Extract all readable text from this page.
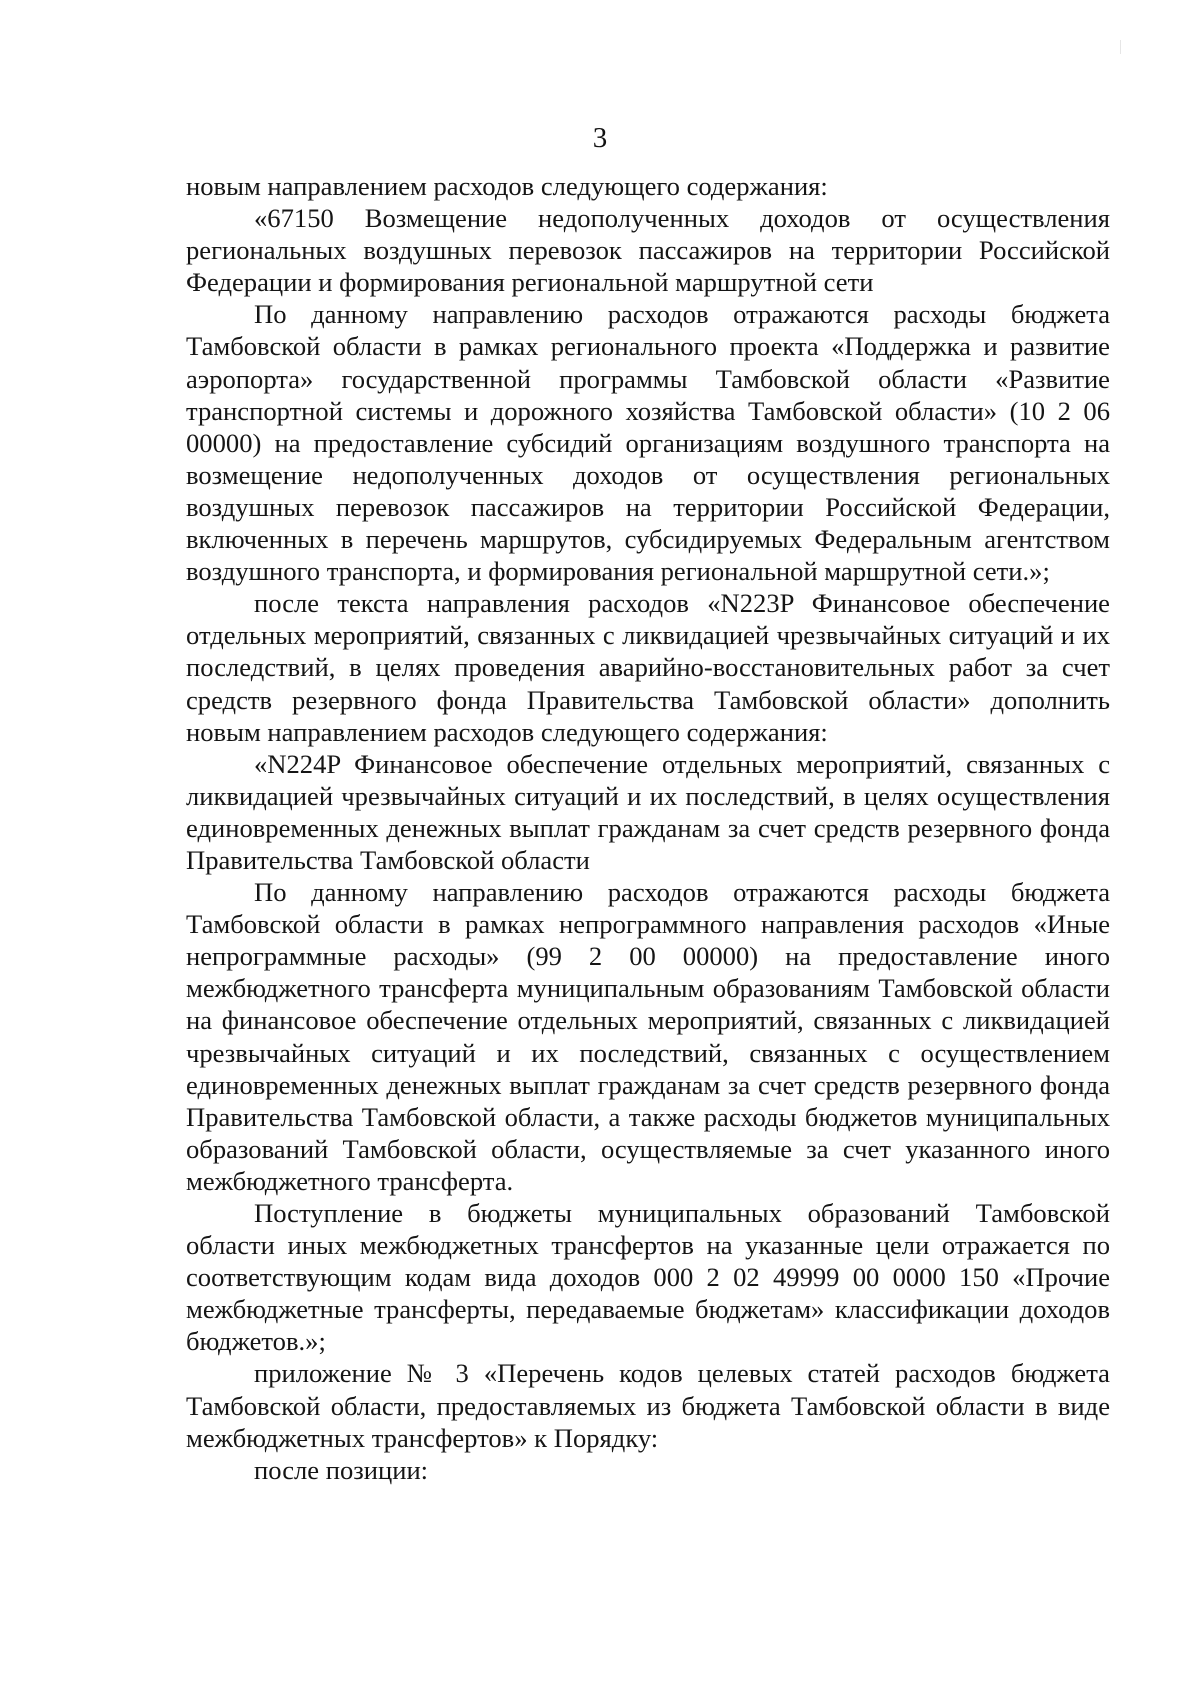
3

новым направлением расходов следующего содержания:

«67150 Возмещение недополученных доходов от осуществления региональных воздушных перевозок пассажиров на территории Российской Федерации и формирования региональной маршрутной сети

По данному направлению расходов отражаются расходы бюджета Тамбовской области в рамках регионального проекта «Поддержка и развитие аэропорта» государственной программы Тамбовской области «Развитие транспортной системы и дорожного хозяйства Тамбовской области» (10 2 06 00000) на предоставление субсидий организациям воздушного транспорта на возмещение недополученных доходов от осуществления региональных воздушных перевозок пассажиров на территории Российской Федерации, включенных в перечень маршрутов, субсидируемых Федеральным агентством воздушного транспорта, и формирования региональной маршрутной сети.»;

после текста направления расходов «N223P Финансовое обеспечение отдельных мероприятий, связанных с ликвидацией чрезвычайных ситуаций и их последствий, в целях проведения аварийно-восстановительных работ за счет средств резервного фонда Правительства Тамбовской области» дополнить новым направлением расходов следующего содержания:

«N224P Финансовое обеспечение отдельных мероприятий, связанных с ликвидацией чрезвычайных ситуаций и их последствий, в целях осуществления единовременных денежных выплат гражданам за счет средств резервного фонда Правительства Тамбовской области

По данному направлению расходов отражаются расходы бюджета Тамбовской области в рамках непрограммного направления расходов «Иные непрограммные расходы» (99 2 00 00000) на предоставление иного межбюджетного трансферта муниципальным образованиям Тамбовской области на финансовое обеспечение отдельных мероприятий, связанных с ликвидацией чрезвычайных ситуаций и их последствий, связанных с осуществлением единовременных денежных выплат гражданам за счет средств резервного фонда Правительства Тамбовской области, а также расходы бюджетов муниципальных образований Тамбовской области, осуществляемые за счет указанного иного межбюджетного трансферта.

Поступление в бюджеты муниципальных образований Тамбовской области иных межбюджетных трансфертов на указанные цели отражается по соответствующим кодам вида доходов 000 2 02 49999 00 0000 150 «Прочие межбюджетные трансферты, передаваемые бюджетам» классификации доходов бюджетов.»;

приложение № 3 «Перечень кодов целевых статей расходов бюджета Тамбовской области, предоставляемых из бюджета Тамбовской области в виде межбюджетных трансфертов» к Порядку:

после позиции:
